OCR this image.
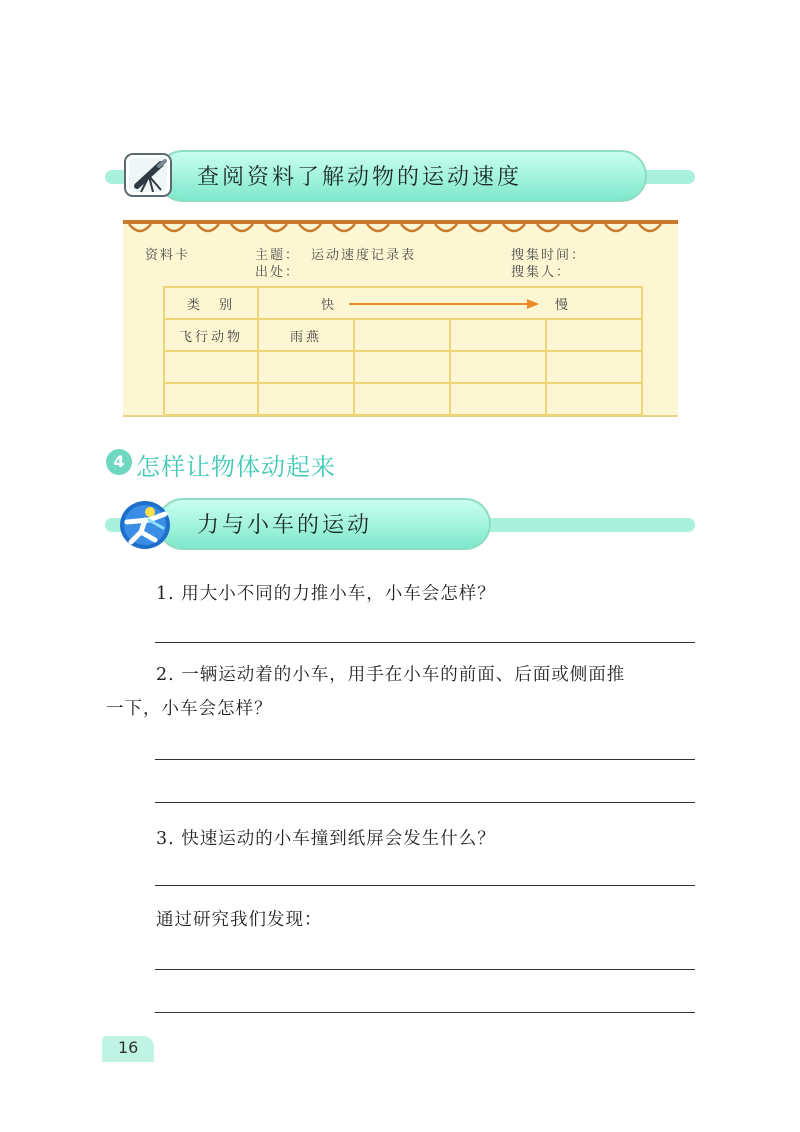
查阅资料了解动物的运动速度
资料卡	主题： 运动速度记录表
出处：
搜集时间：
搜集人：
类　别	快 慢			

飞行动物	雨燕			

4 怎样让物体动起来
力与小车的运动
1. 用大小不同的力推小车，小车会怎样？
2. 一辆运动着的小车，用手在小车的前面、后面或侧面推
一下，小车会怎样？
3. 快速运动的小车撞到纸屏会发生什么？
通过研究我们发现：
16
